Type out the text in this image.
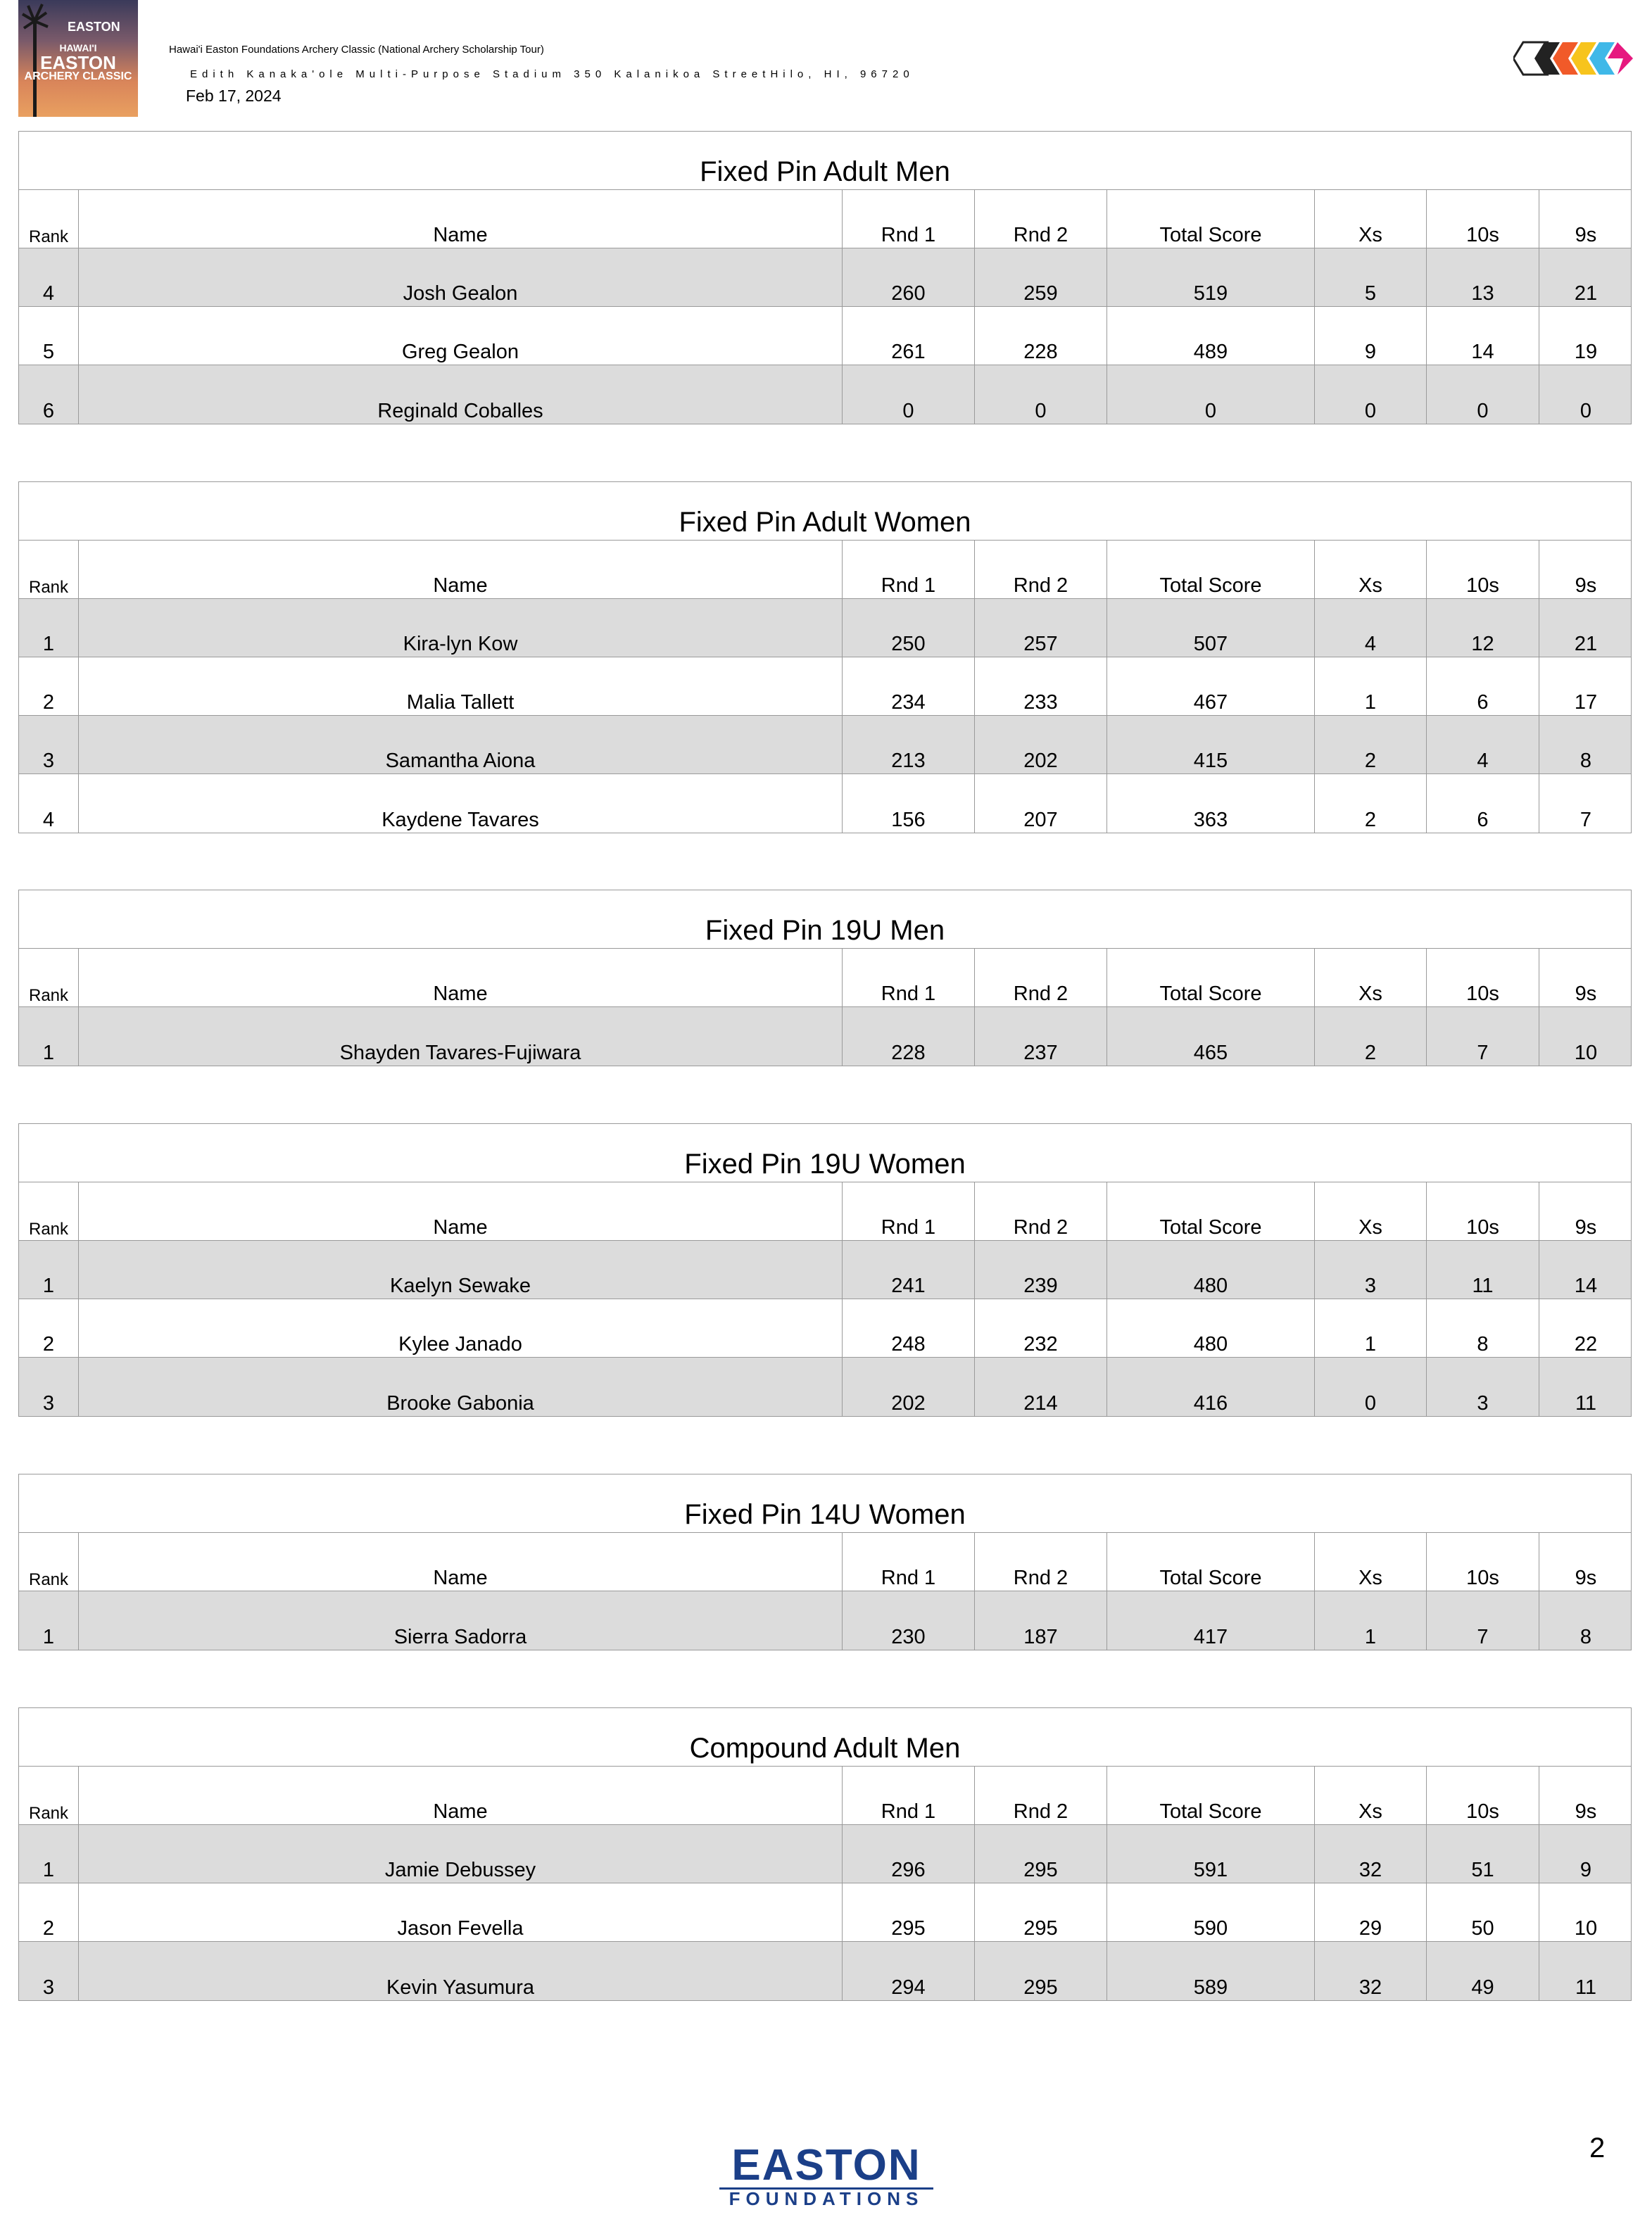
EASTON
HAWAI'I
EASTON
ARCHERY CLASSIC
Hawai'i Easton Foundations Archery Classic (National Archery Scholarship Tour)
Edith Kanaka'ole Multi-Purpose Stadium 350 Kalanikoa StreetHilo, HI, 96720
Feb 17, 2024
Fixed Pin Adult Men
Rank	Name	Rnd 1	Rnd 2	Total Score	Xs	10s	9s
4	Josh Gealon	260	259	519	5	13	21
5	Greg Gealon	261	228	489	9	14	19
6	Reginald Coballes	0	0	0	0	0	0
Fixed Pin Adult Women
Rank	Name	Rnd 1	Rnd 2	Total Score	Xs	10s	9s
1	Kira-lyn Kow	250	257	507	4	12	21
2	Malia Tallett	234	233	467	1	6	17
3	Samantha Aiona	213	202	415	2	4	8
4	Kaydene Tavares	156	207	363	2	6	7
Fixed Pin 19U Men
Rank	Name	Rnd 1	Rnd 2	Total Score	Xs	10s	9s
1	Shayden Tavares-Fujiwara	228	237	465	2	7	10
Fixed Pin 19U Women
Rank	Name	Rnd 1	Rnd 2	Total Score	Xs	10s	9s
1	Kaelyn Sewake	241	239	480	3	11	14
2	Kylee Janado	248	232	480	1	8	22
3	Brooke Gabonia	202	214	416	0	3	11
Fixed Pin 14U Women
Rank	Name	Rnd 1	Rnd 2	Total Score	Xs	10s	9s
1	Sierra Sadorra	230	187	417	1	7	8
Compound Adult Men
Rank	Name	Rnd 1	Rnd 2	Total Score	Xs	10s	9s
1	Jamie Debussey	296	295	591	32	51	9
2	Jason Fevella	295	295	590	29	50	10
3	Kevin Yasumura	294	295	589	32	49	11
EASTON
FOUNDATIONS
2
